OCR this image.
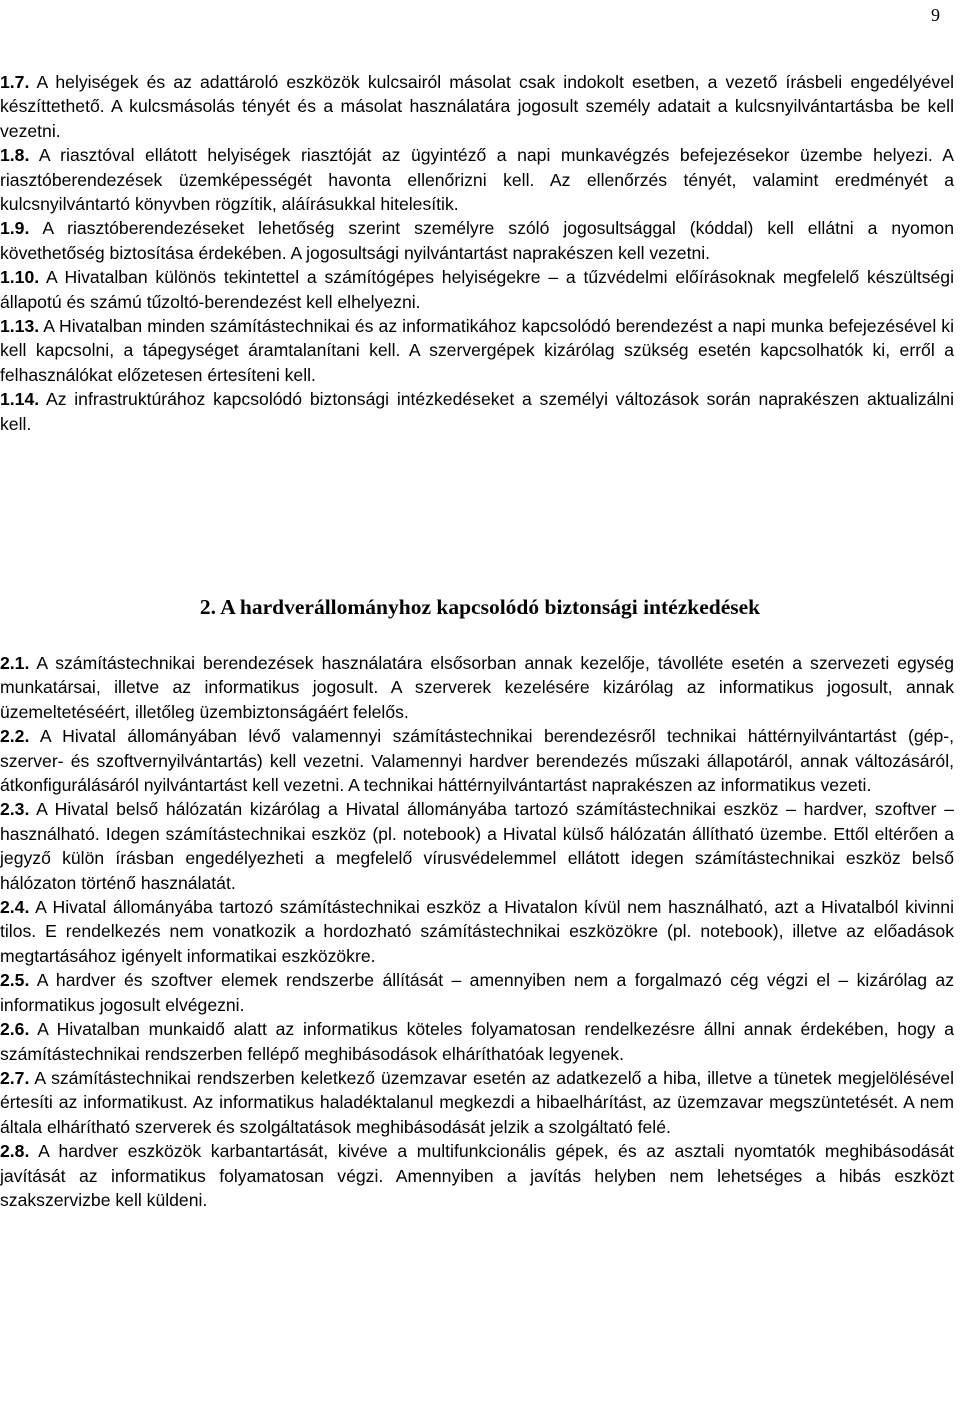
9
1.7. A helyiségek és az adattároló eszközök kulcsairól másolat csak indokolt esetben, a vezető írásbeli engedélyével készíttethető. A kulcsmásolás tényét és a másolat használatára jogosult személy adatait a kulcsnyilvántartásba be kell vezetni.
1.8. A riasztóval ellátott helyiségek riasztóját az ügyintéző a napi munkavégzés befejezésekor üzembe helyezi. A riasztóberendezések üzemképességét havonta ellenőrizni kell. Az ellenőrzés tényét, valamint eredményét a kulcsnyilvántartó könyvben rögzítik, aláírásukkal hitelesítik.
1.9. A riasztóberendezéseket lehetőség szerint személyre szóló jogosultsággal (kóddal) kell ellátni a nyomon követhetőség biztosítása érdekében. A jogosultsági nyilvántartást naprakészen kell vezetni.
1.10. A Hivatalban különös tekintettel a számítógépes helyiségekre – a tűzvédelmi előírásoknak megfelelő készültségi állapotú és számú tűzoltó-berendezést kell elhelyezni.
1.13. A Hivatalban minden számítástechnikai és az informatikához kapcsolódó berendezést a napi munka befejezésével ki kell kapcsolni, a tápegységet áramtalanítani kell. A szervergépek kizárólag szükség esetén kapcsolhatók ki, erről a felhasználókat előzetesen értesíteni kell.
1.14. Az infrastruktúrához kapcsolódó biztonsági intézkedéseket a személyi változások során naprakészen aktualizálni kell.
2. A hardverállományhoz kapcsolódó biztonsági intézkedések
2.1. A számítástechnikai berendezések használatára elsősorban annak kezelője, távolléte esetén a szervezeti egység munkatársai, illetve az informatikus jogosult. A szerverek kezelésére kizárólag az informatikus jogosult, annak üzemeltetéséért, illetőleg üzembiztonságáért felelős.
2.2. A Hivatal állományában lévő valamennyi számítástechnikai berendezésről technikai háttérnyilvántartást (gép-, szerver- és szoftvernyilvántartás) kell vezetni. Valamennyi hardver berendezés műszaki állapotáról, annak változásáról, átkonfigurálásáról nyilvántartást kell vezetni. A technikai háttérnyilvántartást naprakészen az informatikus vezeti.
2.3. A Hivatal belső hálózatán kizárólag a Hivatal állományába tartozó számítástechnikai eszköz – hardver, szoftver – használható. Idegen számítástechnikai eszköz (pl. notebook) a Hivatal külső hálózatán állítható üzembe. Ettől eltérően a jegyző külön írásban engedélyezheti a megfelelő vírusvédelemmel ellátott idegen számítástechnikai eszköz belső hálózaton történő használatát.
2.4. A Hivatal állományába tartozó számítástechnikai eszköz a Hivatalon kívül nem használható, azt a Hivatalból kivinni tilos. E rendelkezés nem vonatkozik a hordozható számítástechnikai eszközökre (pl. notebook), illetve az előadások megtartásához igényelt informatikai eszközökre.
2.5. A hardver és szoftver elemek rendszerbe állítását – amennyiben nem a forgalmazó cég végzi el – kizárólag az informatikus jogosult elvégezni.
2.6. A Hivatalban munkaidő alatt az informatikus köteles folyamatosan rendelkezésre állni annak érdekében, hogy a számítástechnikai rendszerben fellépő meghibásodások elháríthatóak legyenek.
2.7. A számítástechnikai rendszerben keletkező üzemzavar esetén az adatkezelő a hiba, illetve a tünetek megjelölésével értesíti az informatikust. Az informatikus haladéktalanul megkezdi a hibaelhárítást, az üzemzavar megszüntetését. A nem általa elhárítható szerverek és szolgáltatások meghibásodását jelzik a szolgáltató felé.
2.8. A hardver eszközök karbantartását, kivéve a multifunkcionális gépek, és az asztali nyomtatók meghibásodását javítását az informatikus folyamatosan végzi. Amennyiben a javítás helyben nem lehetséges a hibás eszközt szakszervizbe kell küldeni.
